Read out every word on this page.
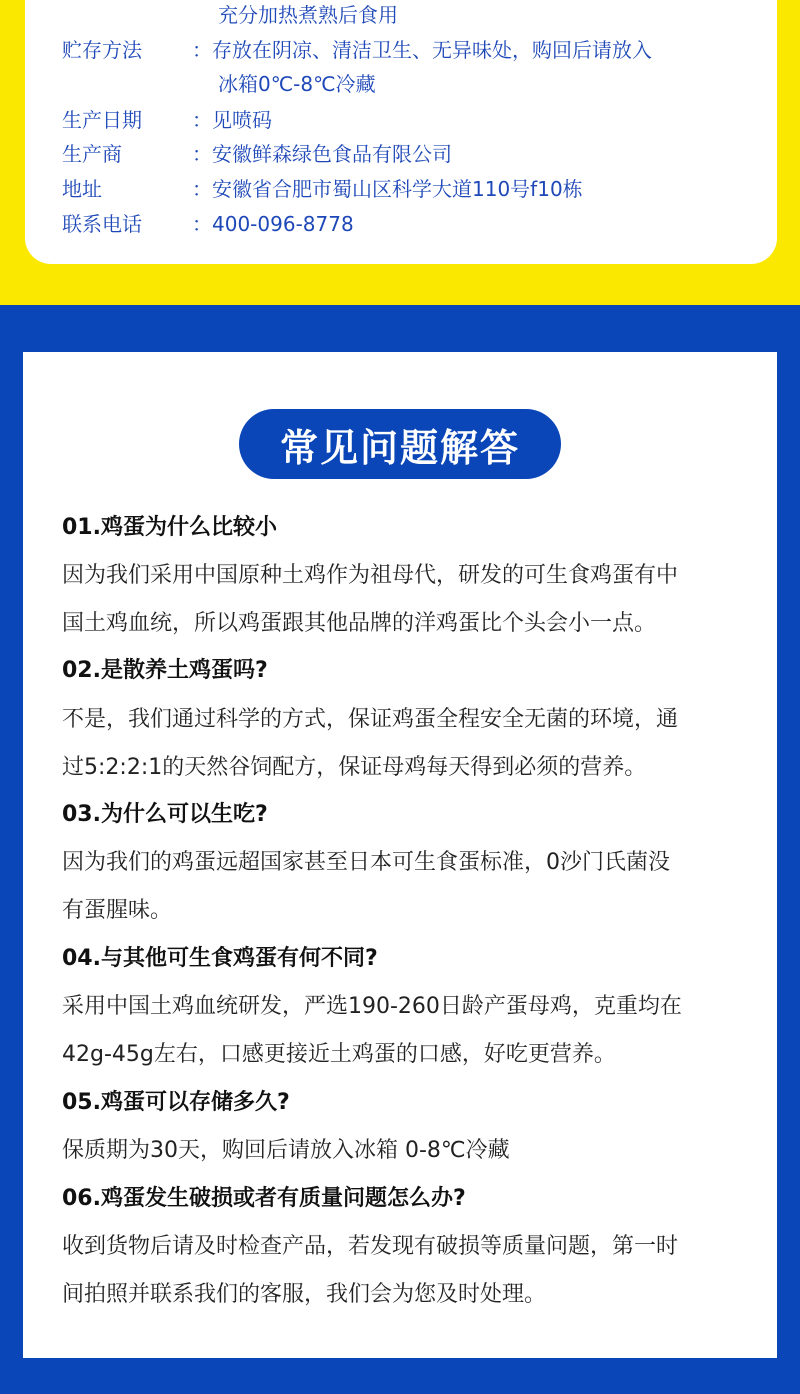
充分加热煮熟后食用
贮存方法	：存放在阴凉、清洁卫生、无异味处，购回后请放入
冰箱0℃-8℃冷藏
生产日期	：见喷码
生产商	：安徽鲜森绿色食品有限公司
地址	：安徽省合肥市蜀山区科学大道110号f10栋
联系电话	：400-096-8778
常见问题解答
01.鸡蛋为什么比较小
因为我们采用中国原种土鸡作为祖母代，研发的可生食鸡蛋有中
国土鸡血统，所以鸡蛋跟其他品牌的洋鸡蛋比个头会小一点。
02.是散养土鸡蛋吗?
不是，我们通过科学的方式，保证鸡蛋全程安全无菌的环境，通
过5:2:2:1的天然谷饲配方，保证母鸡每天得到必须的营养。
03.为什么可以生吃?
因为我们的鸡蛋远超国家甚至日本可生食蛋标准，0沙门氏菌没
有蛋腥味。
04.与其他可生食鸡蛋有何不同?
采用中国土鸡血统研发，严选190-260日龄产蛋母鸡，克重均在
42g-45g左右，口感更接近土鸡蛋的口感，好吃更营养。
05.鸡蛋可以存储多久?
保质期为30天，购回后请放入冰箱 0-8℃冷藏
06.鸡蛋发生破损或者有质量问题怎么办?
收到货物后请及时检查产品，若发现有破损等质量问题，第一时
间拍照并联系我们的客服，我们会为您及时处理。
